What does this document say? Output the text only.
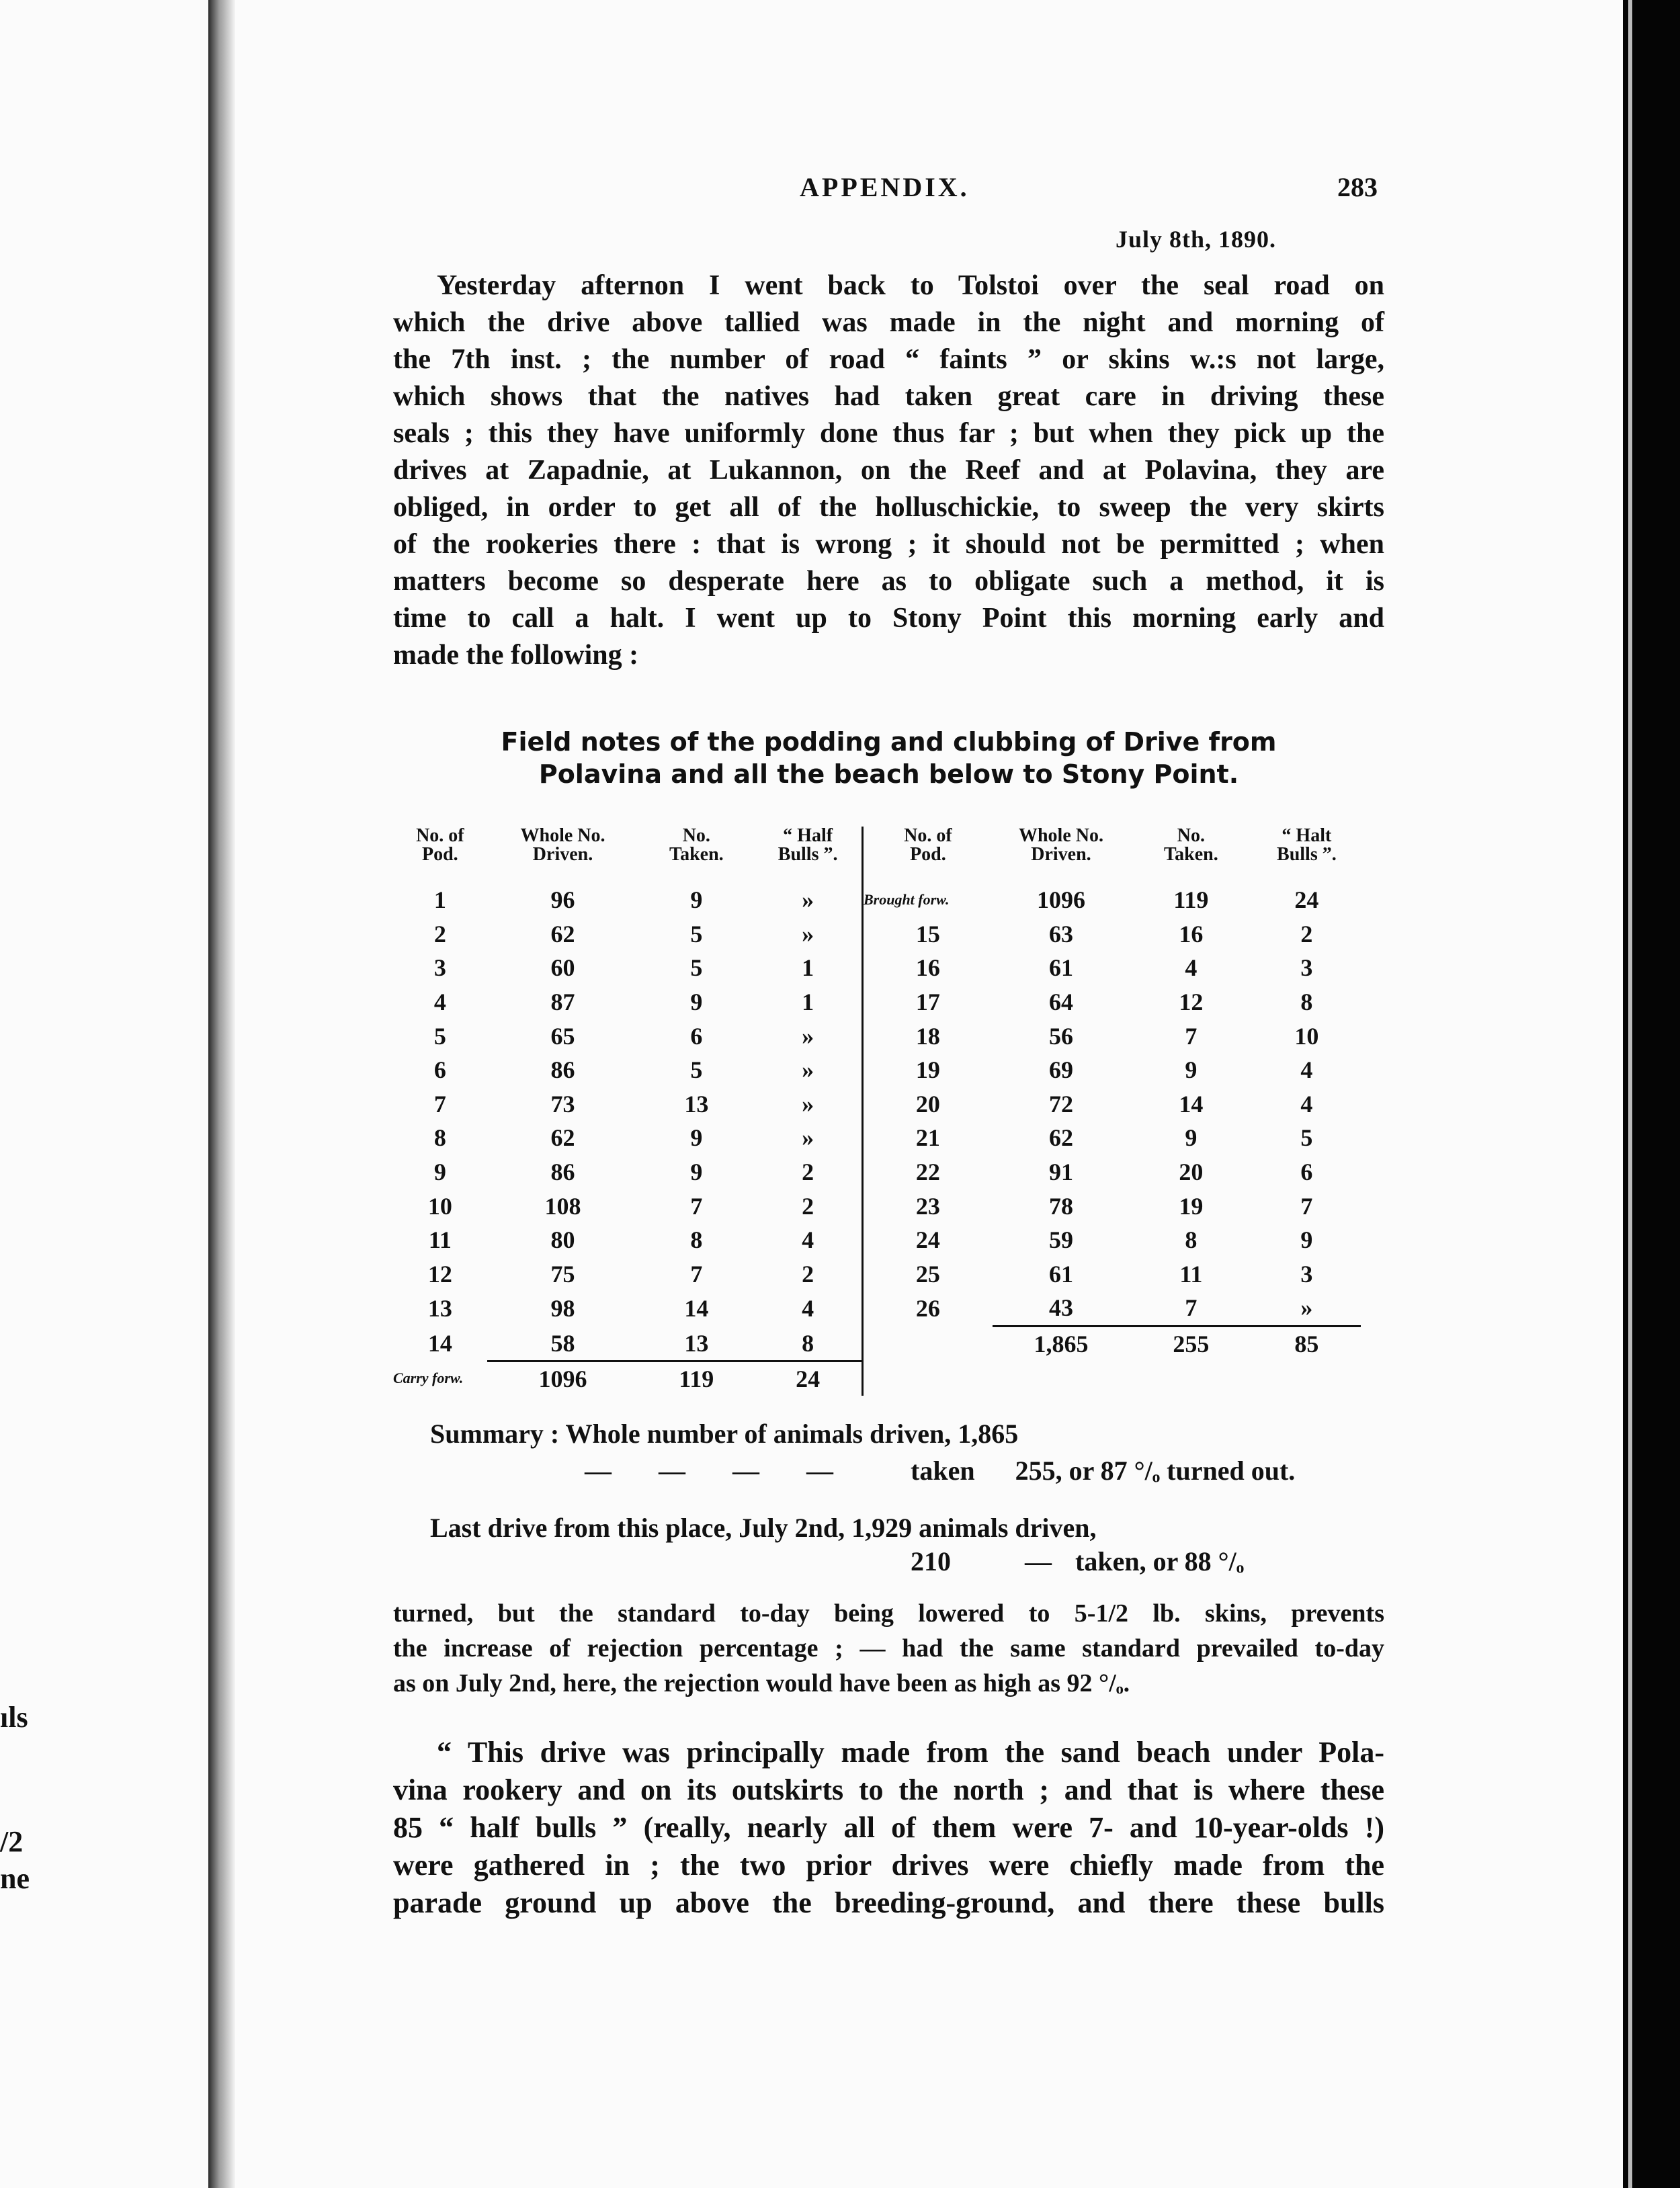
ıls
/2
ne
APPENDIX.	283
July 8th, 1890.

Yesterday afternon I went back to Tolstoi over the seal road on
which the drive above tallied was made in the night and morning of
the 7th inst. ; the number of road “ faints ” or skins w.:s not large,
which shows that the natives had taken great care in driving these
seals ; this they have uniformly done thus far ; but when they pick up the
drives at Zapadnie, at Lukannon, on the Reef and at Polavina, they are
obliged, in order to get all of the holluschickie, to sweep the very skirts
of the rookeries there : that is wrong ; it should not be permitted ; when
matters become so desperate here as to obligate such a method, it is
time to call a halt. I went up to Stony Point this morning early and
made the following :

Field notes of the podding and clubbing of Drive from
Polavina and all the beach below to Stony Point.
No. of
Pod.	Whole No.
Driven.	No.
Taken.	“ Half
Bulls ”.	No. of
Pod.	Whole No.
Driven.	No.
Taken.	“ Halt
Bulls ”.
1	96	9	»	Brought forw.	1096	119	24
2	62	5	»	15	63	16	2
3	60	5	1	16	61	4	3
4	87	9	1	17	64	12	8
5	65	6	»	18	56	7	10
6	86	5	»	19	69	9	4
7	73	13	»	20	72	14	4
8	62	9	»	21	62	9	5
9	86	9	2	22	91	20	6
10	108	7	2	23	78	19	7
11	80	8	4	24	59	8	9
12	75	7	2	25	61	11	3
13	98	14	4	26	43	7	»
14	58	13	8		1,865	255	85
Carry forw.	1096	119	24				
Summary : Whole number of animals driven, 1,865
— — — — taken      255, or 87 °/ₒ turned out.
Last drive from this place, July 2nd, 1,929 animals driven,
210	— taken, or 88 °/ₒ

turned, but the standard to-day being lowered to 5-1/2 lb. skins, prevents
the increase of rejection percentage ; — had the same standard prevailed to-day
as on July 2nd, here, the rejection would have been as high as 92 °/ₒ.

“ This drive was principally made from the sand beach under Pola-
vina rookery and on its outskirts to the north ; and that is where these
85 “ half bulls ” (really, nearly all of them were 7- and 10-year-olds !)
were gathered in ; the two prior drives were chiefly made from the
parade ground up above the breeding-ground, and there these bulls
